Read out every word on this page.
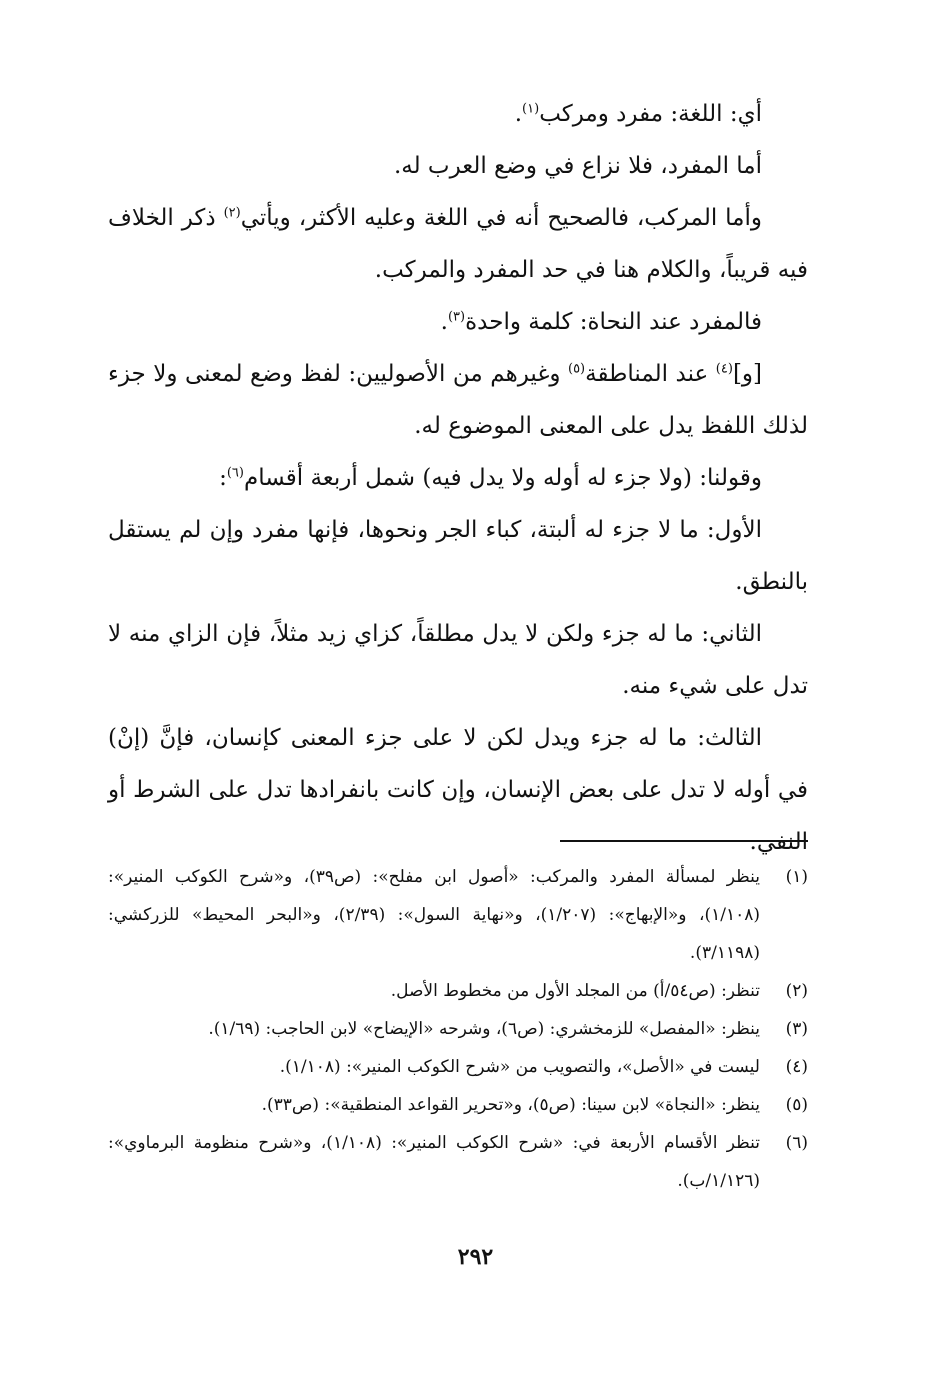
أي: اللغة: مفرد ومركب$^{(١)}$.

أما المفرد، فلا نزاع في وضع العرب له.

وأما المركب، فالصحيح أنه في اللغة وعليه الأكثر، ويأتي$^{(٢)}$ ذكر الخلاف فيه قريباً، والكلام هنا في حد المفرد والمركب.

فالمفرد عند النحاة: كلمة واحدة$^{(٣)}$.

[و]$^{(٤)}$ عند المناطقة$^{(٥)}$ وغيرهم من الأصوليين: لفظ وضع لمعنى ولا جزء لذلك اللفظ يدل على المعنى الموضوع له.

وقولنا: (ولا جزء له أوله ولا يدل فيه) شمل أربعة أقسام$^{(٦)}$:

الأول: ما لا جزء له ألبتة، كباء الجر ونحوها، فإنها مفرد وإن لم يستقل بالنطق.

الثاني: ما له جزء ولكن لا يدل مطلقاً، كزاي زيد مثلاً، فإن الزاي منه لا تدل على شيء منه.

الثالث: ما له جزء ويدل لكن لا على جزء المعنى كإنسان، فإنَّ (إنْ) في أوله لا تدل على بعض الإنسان، وإن كانت بانفرادها تدل على الشرط أو النفي.

(١)
ينظر لمسألة المفرد والمركب: «أصول ابن مفلح»: (ص٣٩)، و«شرح الكوكب المنير»: (١/١٠٨)، و«الإبهاج»: (١/٢٠٧)، و«نهاية السول»: (٢/٣٩)، و«البحر المحيط» للزركشي: (٣/١١٩٨).
(٢)
تنظر: (ص٥٤/أ) من المجلد الأول من مخطوط الأصل.
(٣)
ينظر: «المفصل» للزمخشري: (ص٦)، وشرحه «الإيضاح» لابن الحاجب: (١/٦٩).
(٤)
ليست في «الأصل»، والتصويب من «شرح الكوكب المنير»: (١/١٠٨).
(٥)
ينظر: «النجاة» لابن سينا: (ص٥)، و«تحرير القواعد المنطقية»: (ص٣٣).
(٦)
تنظر الأقسام الأربعة في: «شرح الكوكب المنير»: (١/١٠٨)، و«شرح منظومة البرماوي»: (١/١٢٦/ب).
٢٩٢
